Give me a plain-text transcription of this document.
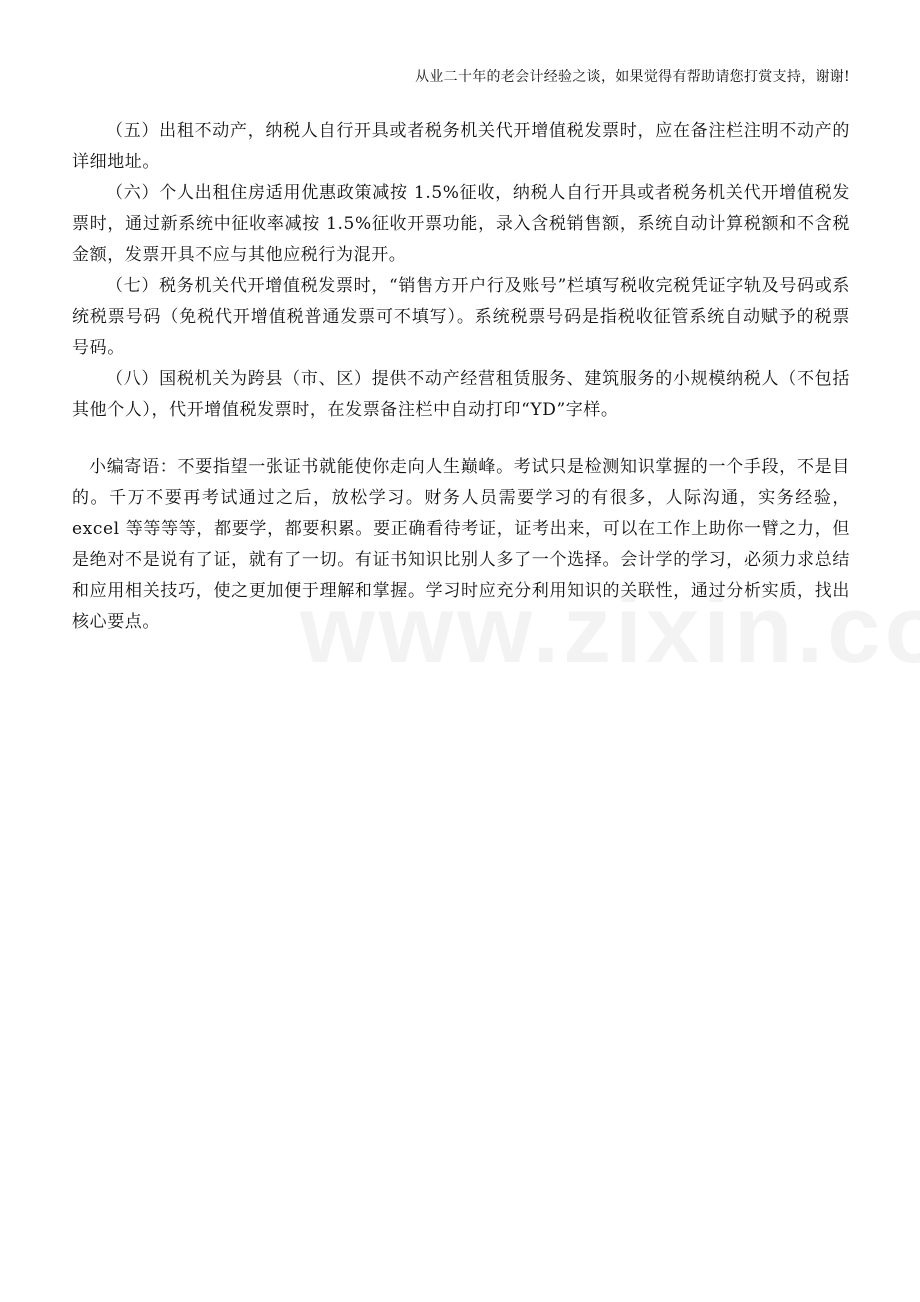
从业二十年的老会计经验之谈，如果觉得有帮助请您打赏支持，谢谢!

（五）出租不动产，纳税人自行开具或者税务机关代开增值税发票时，应在备注栏注明不动产的详细地址。

（六）个人出租住房适用优惠政策减按 1.5%征收，纳税人自行开具或者税务机关代开增值税发票时，通过新系统中征收率减按 1.5%征收开票功能，录入含税销售额，系统自动计算税额和不含税金额，发票开具不应与其他应税行为混开。

（七）税务机关代开增值税发票时，“销售方开户行及账号”栏填写税收完税凭证字轨及号码或系统税票号码（免税代开增值税普通发票可不填写）。系统税票号码是指税收征管系统自动赋予的税票号码。

（八）国税机关为跨县（市、区）提供不动产经营租赁服务、建筑服务的小规模纳税人（不包括其他个人），代开增值税发票时，在发票备注栏中自动打印“YD”字样。

小编寄语：不要指望一张证书就能使你走向人生巅峰。考试只是检测知识掌握的一个手段，不是目的。千万不要再考试通过之后，放松学习。财务人员需要学习的有很多，人际沟通，实务经验，excel 等等等等，都要学，都要积累。要正确看待考证，证考出来，可以在工作上助你一臂之力，但是绝对不是说有了证，就有了一切。有证书知识比别人多了一个选择。会计学的学习，必须力求总结和应用相关技巧，使之更加便于理解和掌握。学习时应充分利用知识的关联性，通过分析实质，找出核心要点。
